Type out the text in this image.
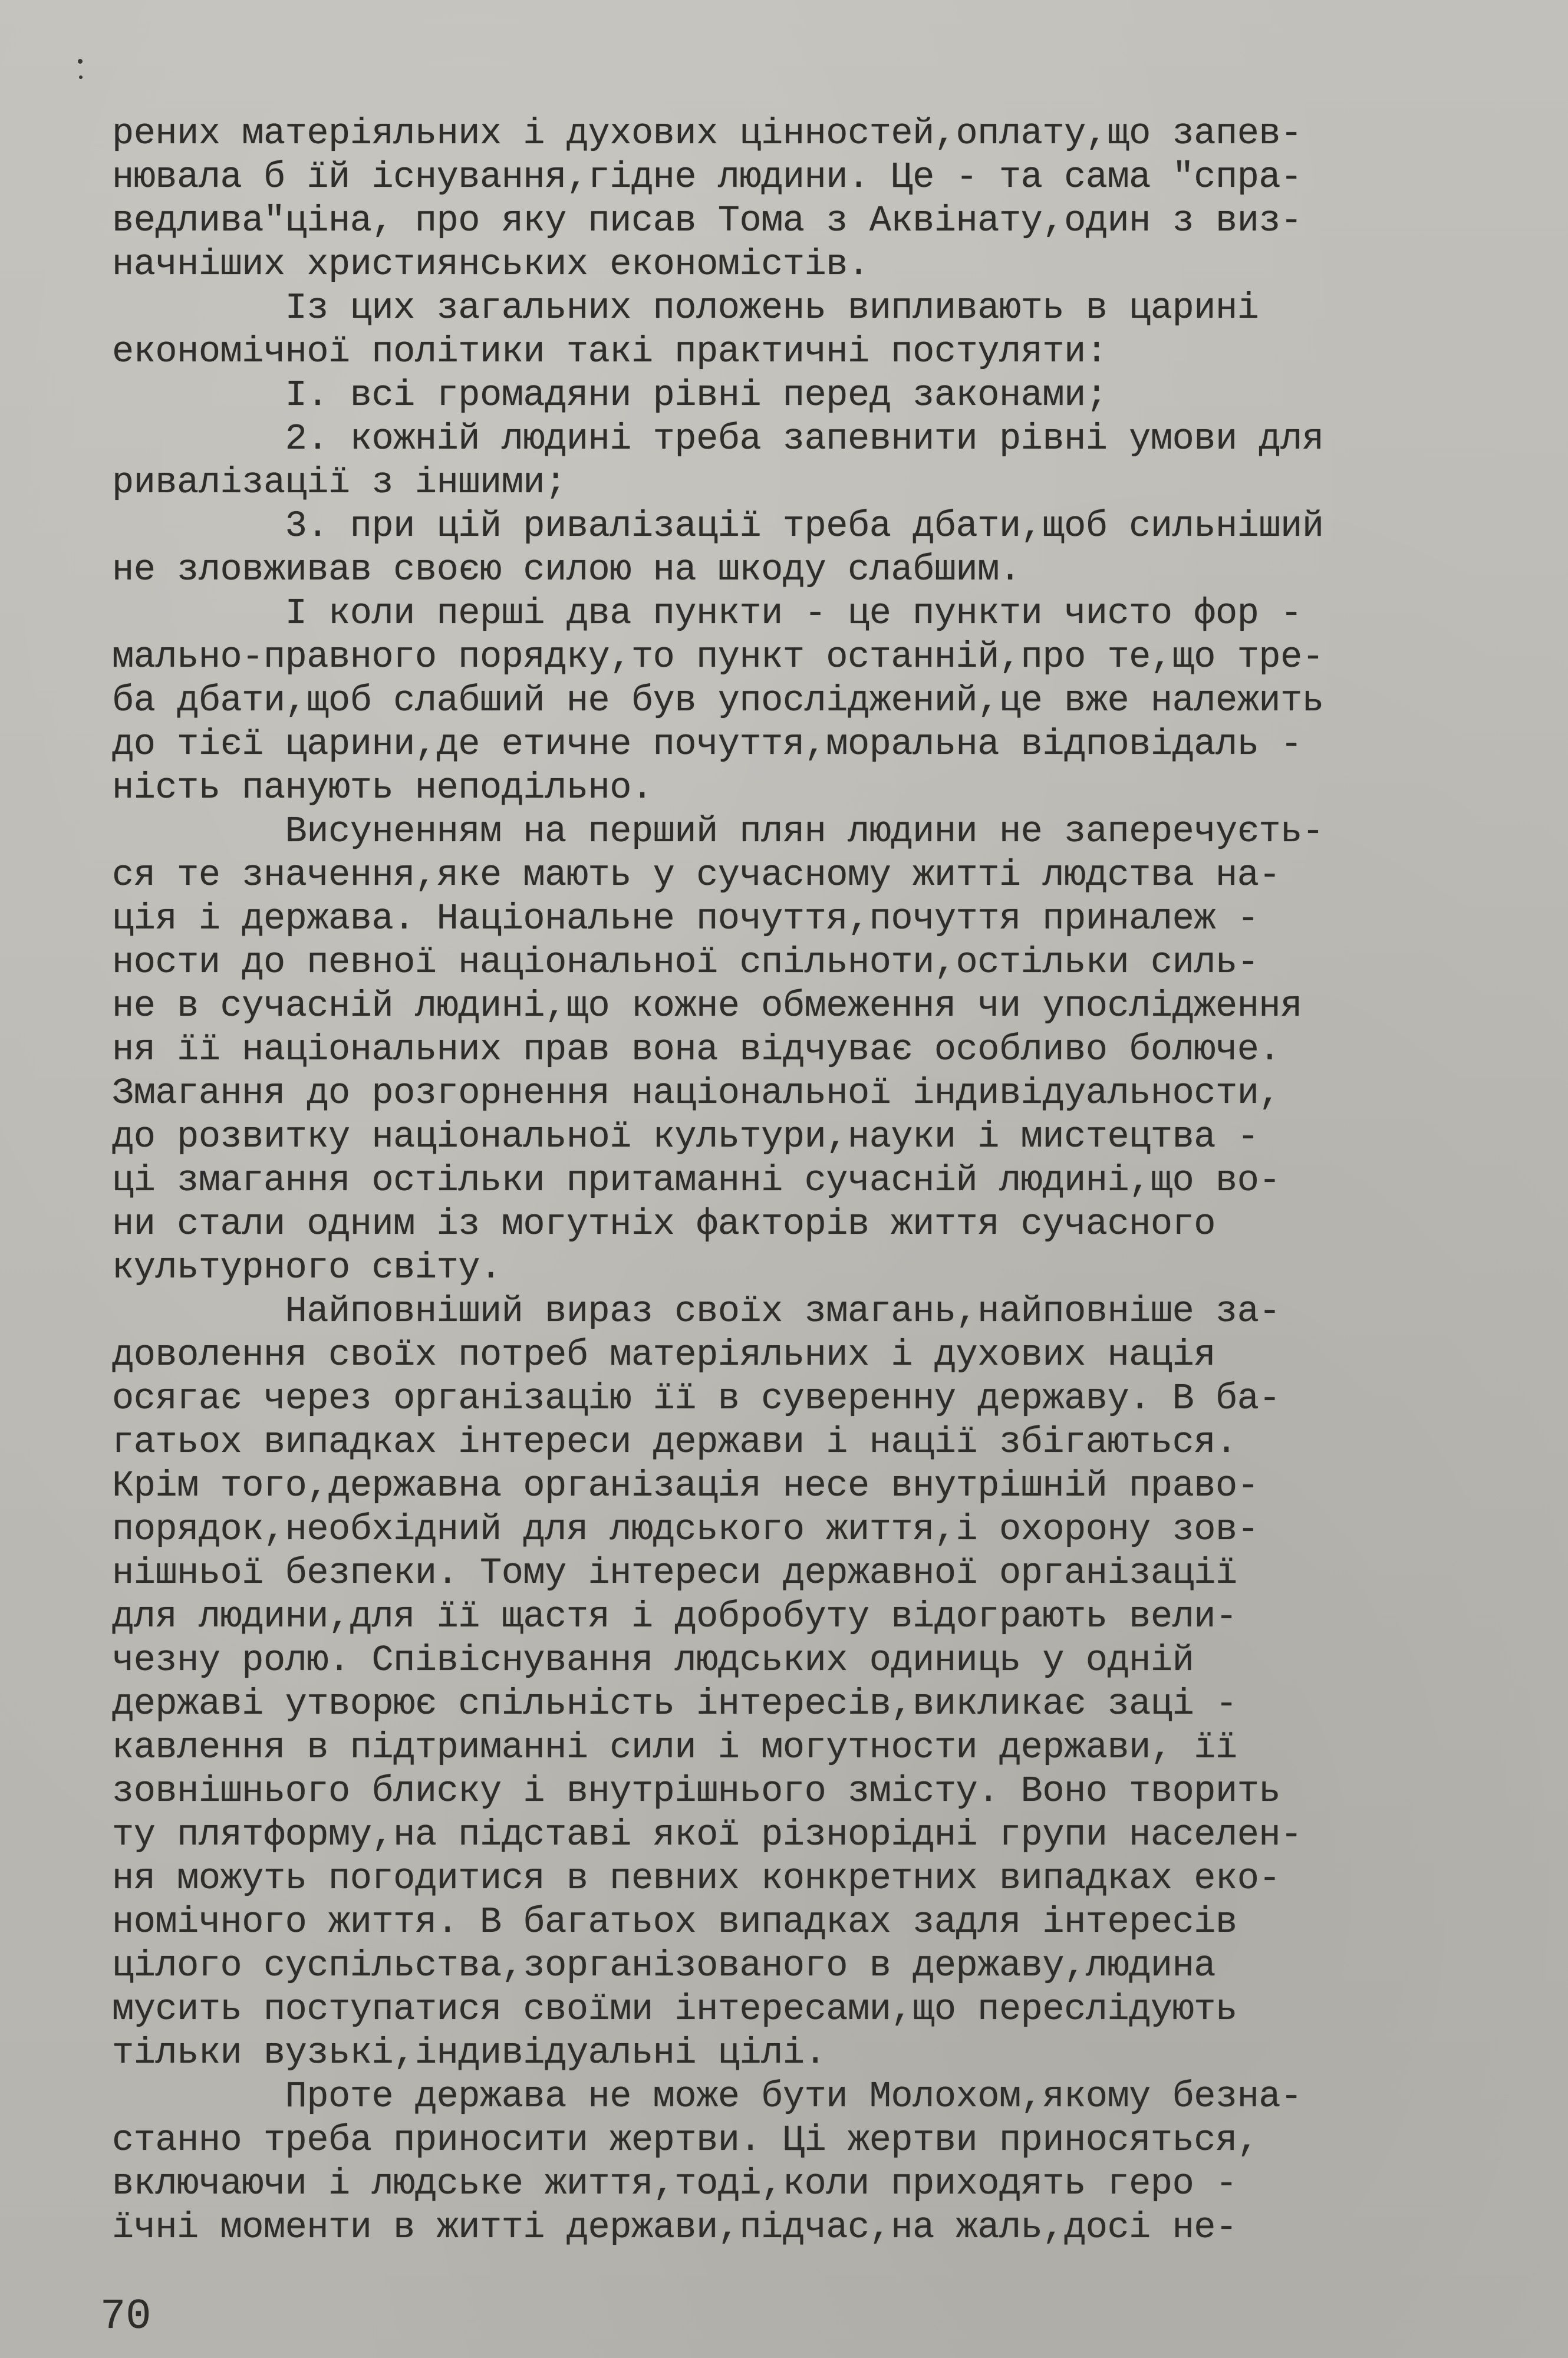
рених матеріяльних і духових цінностей,оплату,що запев-
нювала б їй існування,гідне людини. Це - та сама "спра-
ведлива"ціна, про яку писав Тома з Аквінату,один з виз-
начніших християнських економістів.
Із цих загальних положень випливають в царині
економічної політики такі практичні постуляти:
І. всі громадяни рівні перед законами;
2. кожній людині треба запевнити рівні умови для
ривалізації з іншими;
3. при цій ривалізації треба дбати,щоб сильніший
не зловживав своєю силою на шкоду слабшим.
І коли перші два пункти - це пункти чисто фор -
мально-правного порядку,то пункт останній,про те,що тре-
ба дбати,щоб слабший не був упосліджений,це вже належить
до тієї царини,де етичне почуття,моральна відповідаль -
ність панують неподільно.
Висуненням на перший плян людини не заперечуєть-
ся те значення,яке мають у сучасному житті людства на-
ція і держава. Національне почуття,почуття приналеж -
ности до певної національної спільноти,остільки силь-
не в сучасній людині,що кожне обмеження чи упослідження
ня її національних прав вона відчуває особливо болюче.
Змагання до розгорнення національної індивідуальности,
до розвитку національної культури,науки і мистецтва -
ці змагання остільки притаманні сучасній людині,що во-
ни стали одним із могутніх факторів життя сучасного
культурного світу.
Найповніший вираз своїх змагань,найповніше за-
доволення своїх потреб матеріяльних і духових нація
осягає через організацію її в суверенну державу. В ба-
гатьох випадках інтереси держави і нації збігаються.
Крім того,державна організація несе внутрішній право-
порядок,необхідний для людського життя,і охорону зов-
нішньої безпеки. Тому інтереси державної організації
для людини,для її щастя і добробуту відограють вели-
чезну ролю. Співіснування людських одиниць у одній
державі утворює спільність інтересів,викликає заці -
кавлення в підтриманні сили і могутности держави, її
зовнішнього блиску і внутрішнього змісту. Воно творить
ту плятформу,на підставі якої різнорідні групи населен-
ня можуть погодитися в певних конкретних випадках еко-
номічного життя. В багатьох випадках задля інтересів
цілого суспільства,зорганізованого в державу,людина
мусить поступатися своїми інтересами,що переслідують
тільки вузькі,індивідуальні цілі.
Проте держава не може бути Молохом,якому безна-
станно треба приносити жертви. Ці жертви приносяться,
включаючи і людське життя,тоді,коли приходять геро -
їчні моменти в житті держави,підчас,на жаль,досі не-
70
